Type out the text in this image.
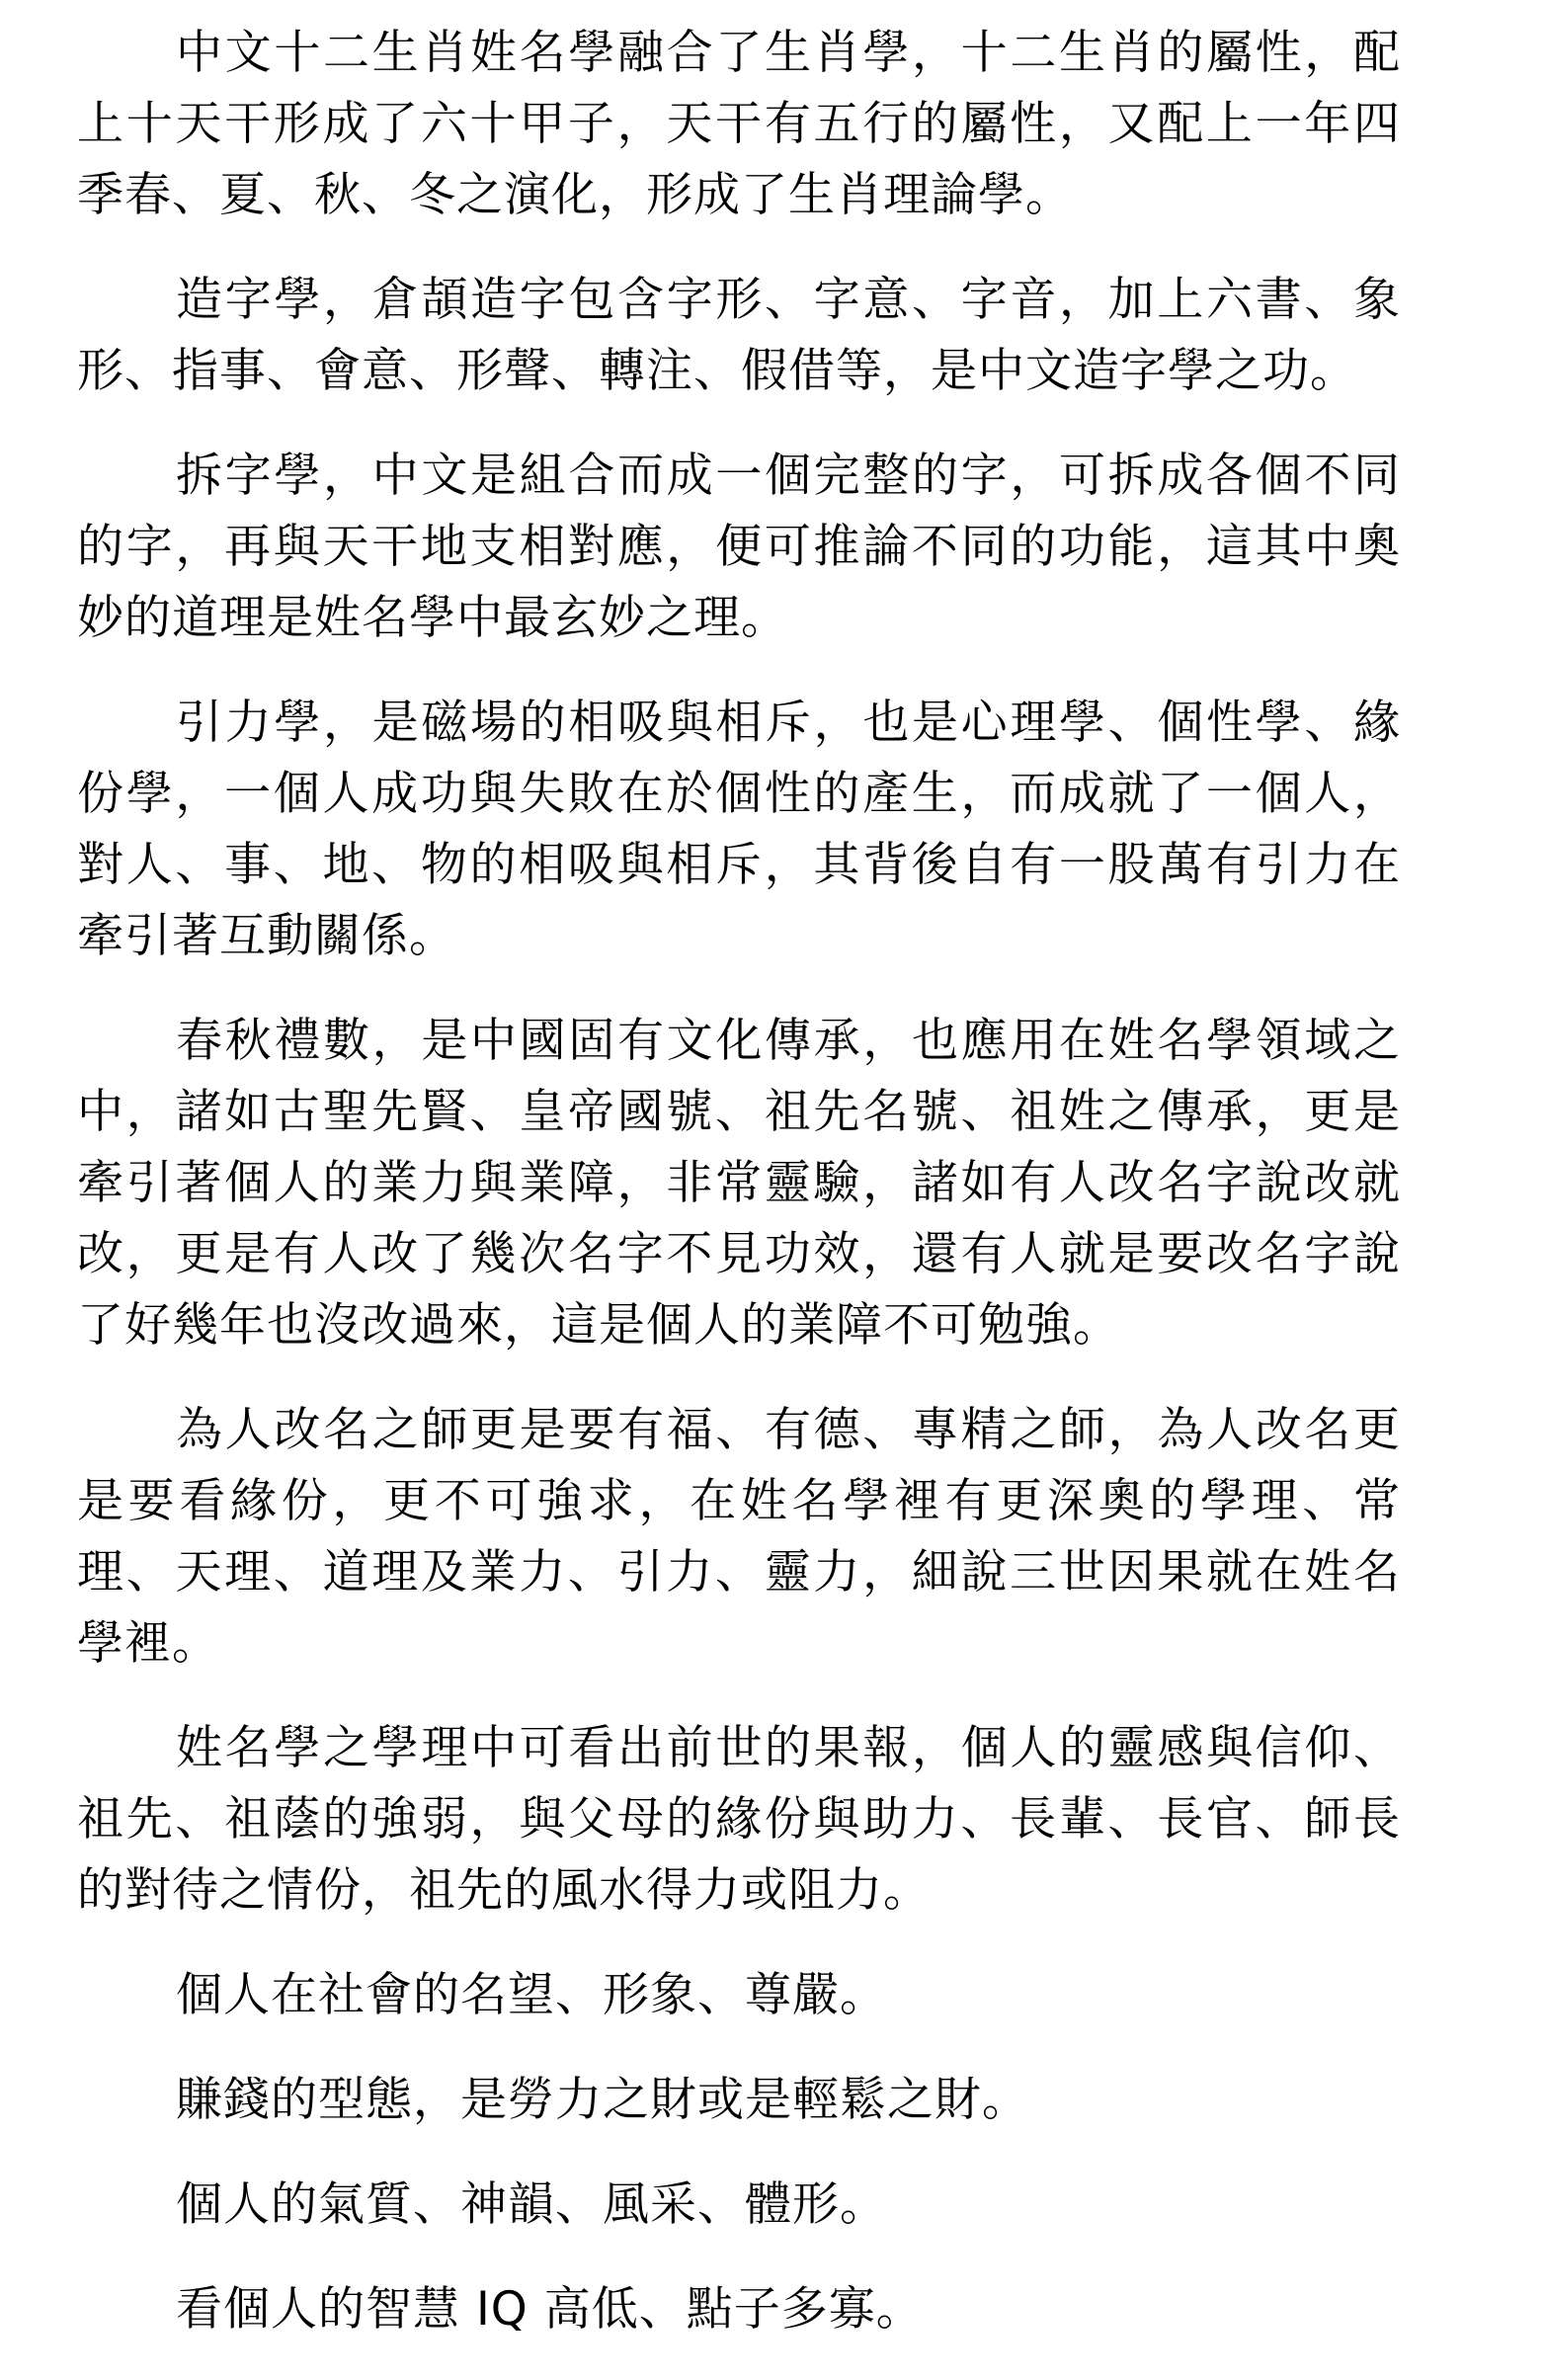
中文十二生肖姓名學融合了生肖學，十二生肖的屬性，配上十天干形成了六十甲子，天干有五行的屬性，又配上一年四季春、夏、秋、冬之演化，形成了生肖理論學。

造字學，倉頡造字包含字形、字意、字音，加上六書、象形、指事、會意、形聲、轉注、假借等，是中文造字學之功。

拆字學，中文是組合而成一個完整的字，可拆成各個不同的字，再與天干地支相對應，便可推論不同的功能，這其中奧妙的道理是姓名學中最玄妙之理。

引力學，是磁場的相吸與相斥，也是心理學、個性學、緣份學，一個人成功與失敗在於個性的產生，而成就了一個人，對人、事、地、物的相吸與相斥，其背後自有一股萬有引力在牽引著互動關係。

春秋禮數，是中國固有文化傳承，也應用在姓名學領域之中，諸如古聖先賢、皇帝國號、祖先名號、祖姓之傳承，更是牽引著個人的業力與業障，非常靈驗，諸如有人改名字說改就改，更是有人改了幾次名字不見功效，還有人就是要改名字說了好幾年也沒改過來，這是個人的業障不可勉強。

為人改名之師更是要有福、有德、專精之師，為人改名更是要看緣份，更不可強求，在姓名學裡有更深奧的學理、常理、天理、道理及業力、引力、靈力，細說三世因果就在姓名學裡。

姓名學之學理中可看出前世的果報，個人的靈感與信仰、祖先、祖蔭的強弱，與父母的緣份與助力、長輩、長官、師長的對待之情份，祖先的風水得力或阻力。

個人在社會的名望、形象、尊嚴。

賺錢的型態，是勞力之財或是輕鬆之財。

個人的氣質、神韻、風采、體形。

看個人的智慧 IQ 高低、點子多寡。
